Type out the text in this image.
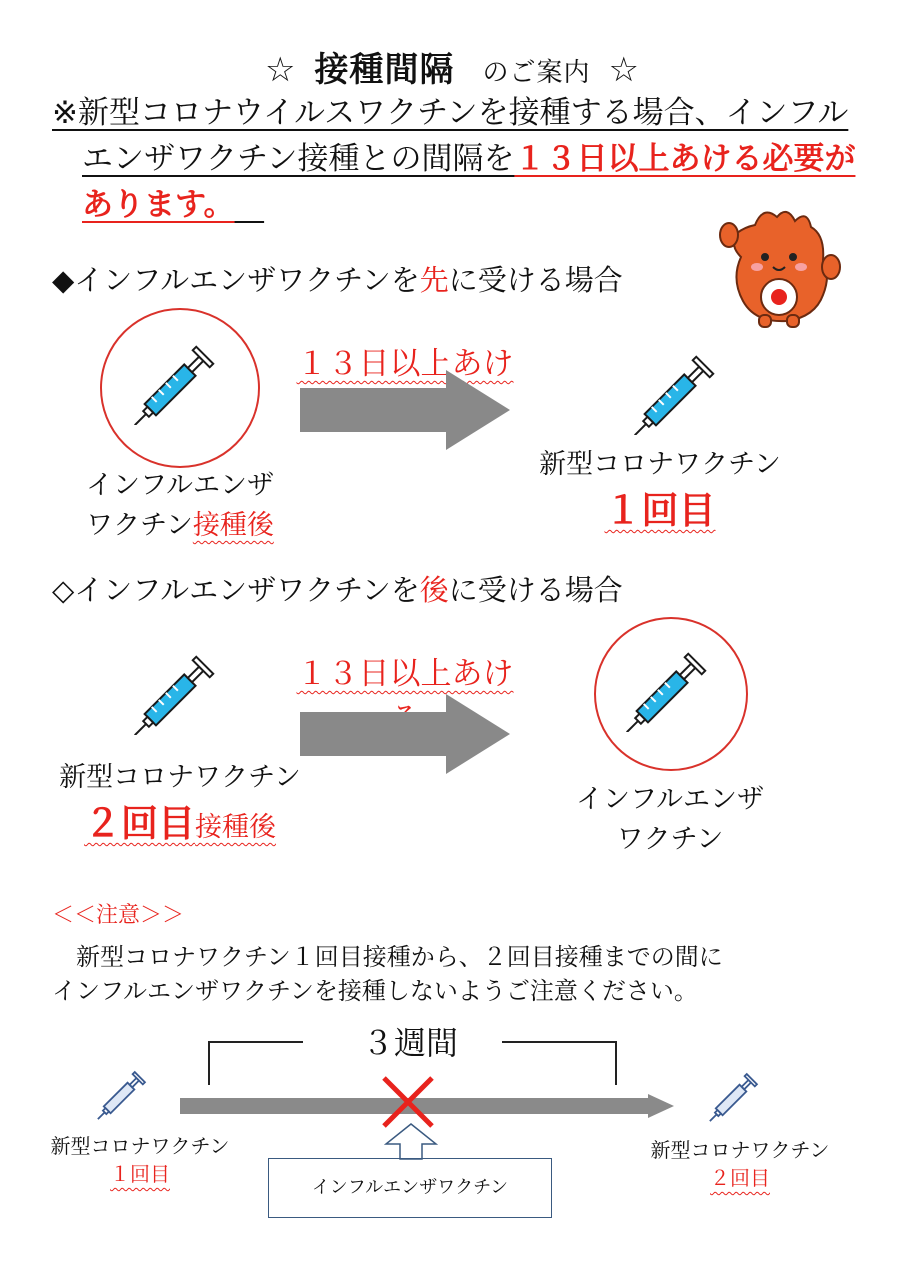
☆ 接種間隔 のご案内 ☆
※新型コロナウイルスワクチンを接種する場合、インフル
エンザワクチン接種との間隔を１３日以上あける必要が
あります。
◆インフルエンザワクチンを先に受ける場合
１３日以上あけ
インフルエンザ
ワクチン接種後
新型コロナワクチン
１回目
◇インフルエンザワクチンを後に受ける場合
１３日以上あけ
新型コロナワクチン
２回目接種後
インフルエンザ
ワクチン
＜＜注意＞＞
　新型コロナワクチン１回目接種から、２回目接種までの間に
インフルエンザワクチンを接種しないようご注意ください。
３週間
インフルエンザワクチン
新型コロナワクチン
１回目
新型コロナワクチン
２回目
